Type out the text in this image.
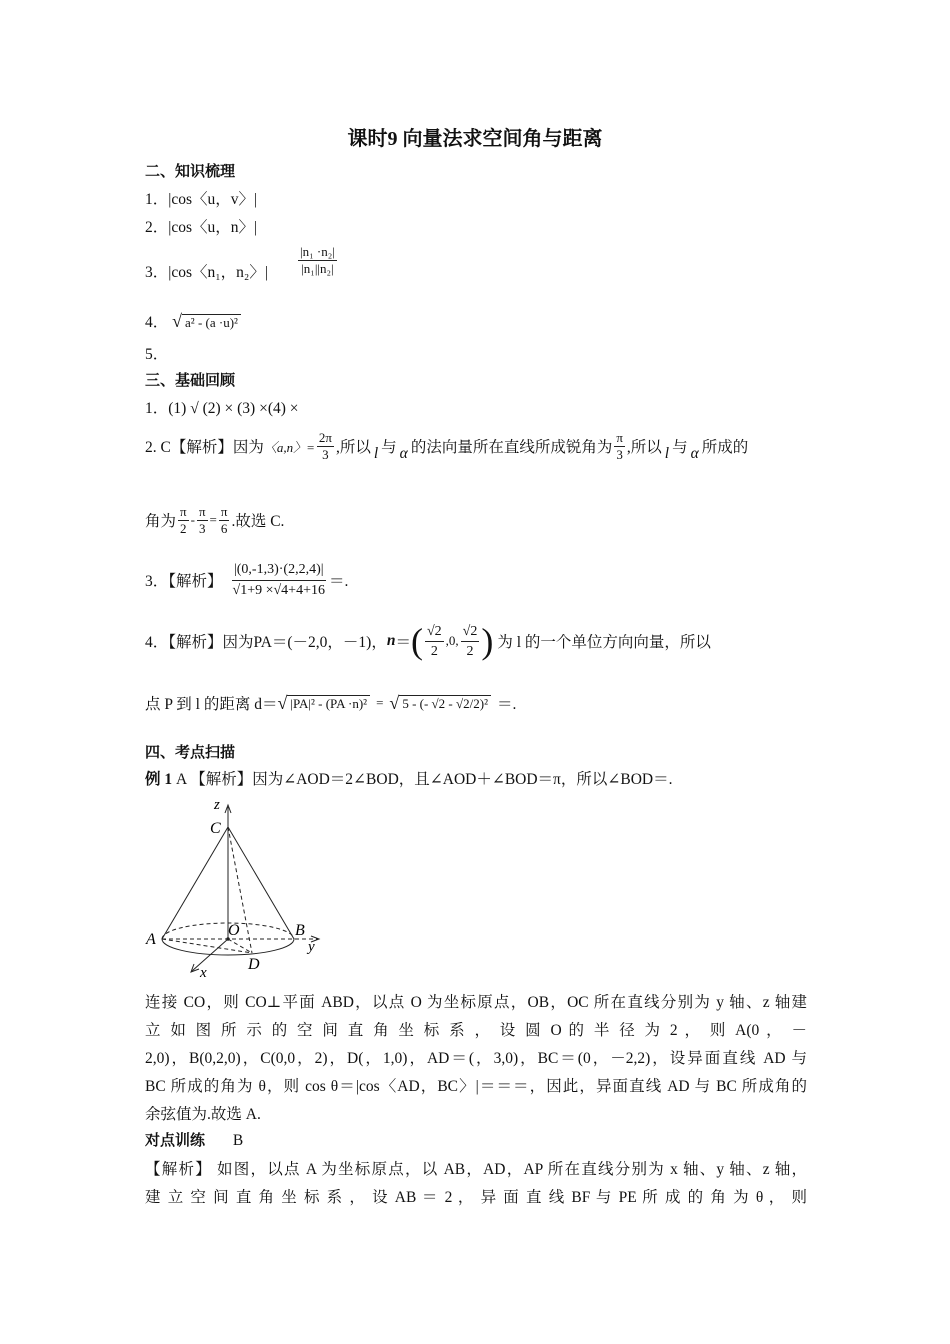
课时9 向量法求空间角与距离
二、知识梳理
1．|cos〈u，v〉|
2．|cos〈u，n〉|
3．|cos〈n₁，n₂〉| $\frac{\text{|n₁ ·n₂|}}{\text{|n₁||n₂|}}$
4． √ a² - (a ·u)²
5．
三、基础回顾
1．(1) √ (2) × (3) ×(4) ×
2. C【解析】因为 〈a,n〉= $\frac{2\pi}{3}$ ,所以 l 与 α 的法向量所在直线所成锐角为 $\frac{\pi}{3}$ ,所以 l 与 α 所成的
角为 $\frac{\pi}{2} - \frac{\pi}{3} = \frac{\pi}{6}$ .故选 C.
3．【解析】 $\frac{|(0,-1,3)\cdot(2,2,4)|}{√1+9 \times√4+4+16}$ ＝.
4．【解析】因为PA＝(－2,0，－1)， n ＝ ( $\frac{√2}{2} ,0$, $\frac{√2}{2}$ ) 为 l 的一个单位方向向量，所以
点 P 到 l 的距离 d＝ √ |PA|² - (PA ·n)² = √ 5 - (- √2 - √2/2)² ＝.
四、考点扫描
例 1 A 【解析】因为∠AOD＝2∠BOD，且∠AOD＋∠BOD＝π，所以∠BOD＝.
z
C
A
O	B
y
x	D
连接 CO，则 CO⊥平面 ABD，以点 O 为坐标原点，OB，OC 所在直线分别为 y 轴、z 轴建
立 如 图 所 示 的 空 间 直 角 坐 标 系 ， 设 圆 O 的 半 径 为 2 ， 则 A(0 ， －
2,0)，B(0,2,0)，C(0,0，2)，D(，1,0)，AD＝(，3,0)，BC＝(0，－2,2)，设异面直线 AD 与
BC 所成的角为 θ，则 cos θ＝|cos〈AD，BC〉|＝＝＝，因此，异面直线 AD 与 BC 所成角的
余弦值为.故选 A.
对点训练 B
【解析】 如图，以点 A 为坐标原点，以 AB，AD，AP 所在直线分别为 x 轴、y 轴、z 轴，
建 立 空 间 直 角 坐 标 系 ， 设 AB ＝ 2 ， 异 面 直 线 BF 与 PE 所 成 的 角 为 θ ， 则
